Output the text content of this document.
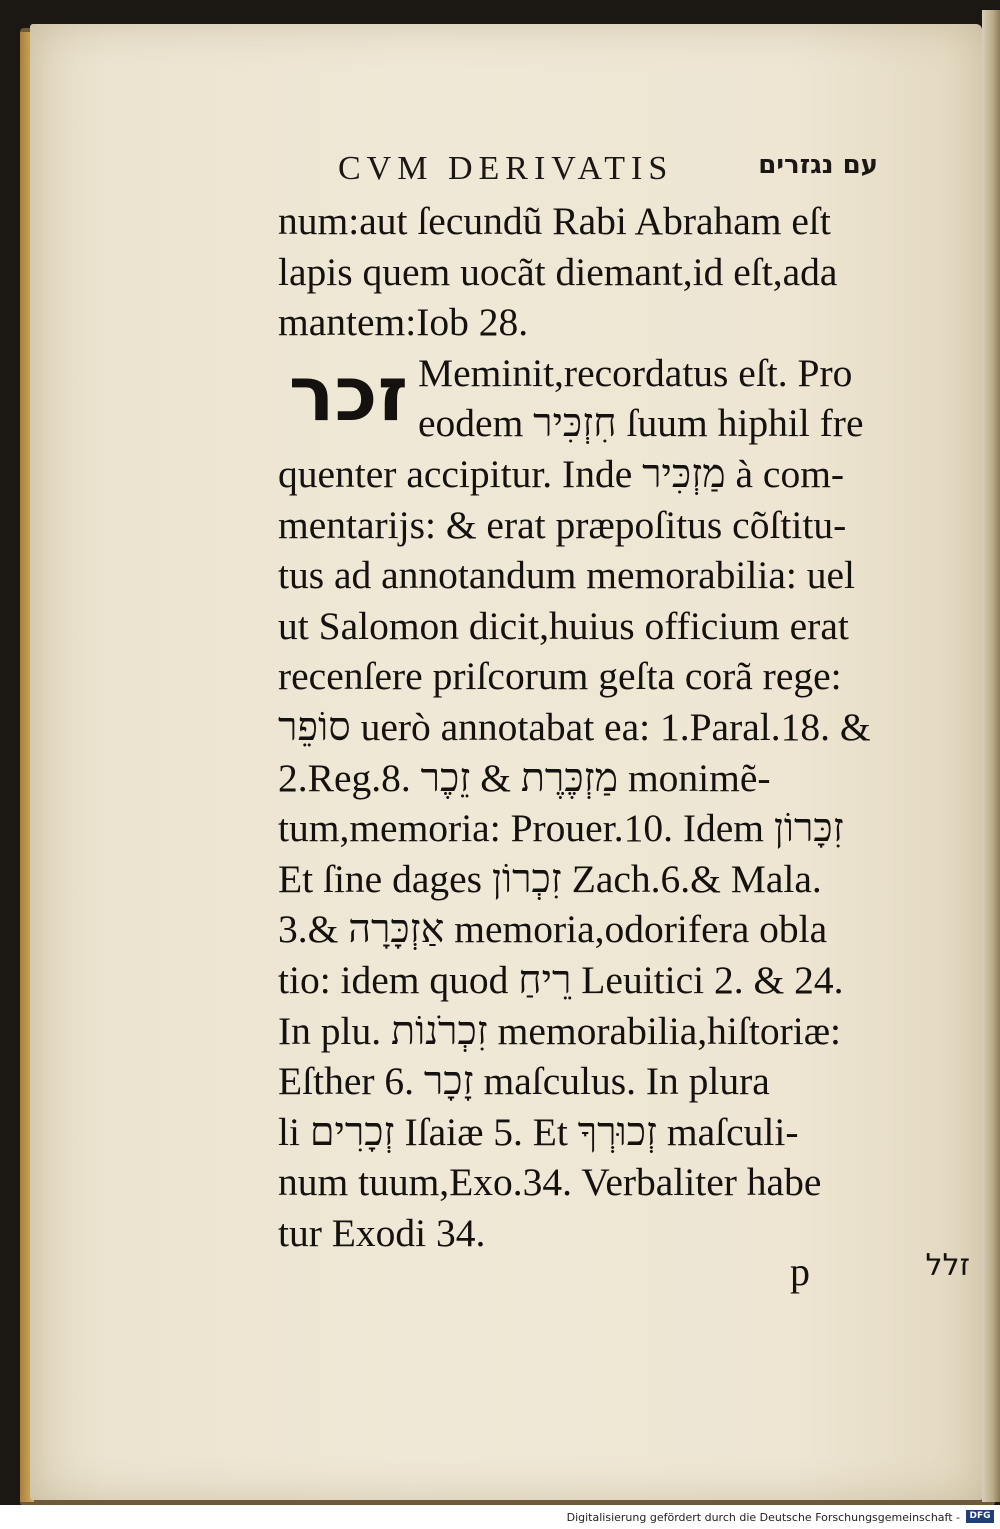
CVM DERIVATIS	עם נגזרים
זכר
num:aut ſecundũ Rabi Abraham eſt
lapis quem uocãt diemant,id eſt,ada
mantem:Iob 28.
Meminit,recordatus eſt. Pro
eodem חִזְכִּיר ſuum hiphil fre
quenter accipitur. Inde מַזְכִּיר à com-
mentarijs: & erat præpoſitus cõſtitu-
tus ad annotandum memorabilia: uel
ut Salomon dicit,huius officium erat
recenſere priſcorum geſta corã rege:
סוֹפֵר uerò annotabat ea: 1.Paral.18. &
2.Reg.8. מַזְכֶּרֶת & זֵכֶר monimẽ-
tum,memoria: Prouer.10. Idem זִכָּרוֹן
Et ſine dages זִכְרוֹן Zach.6.& Mala.
3.& אַזְכָּרָה memoria,odorifera obla
tio: idem quod רֵיחַ Leuitici 2. & 24.
In plu. זִכְרֹנוֹת memorabilia,hiſtoriæ:
Eſther 6. זָכָר maſculus. In plura
li זְכָרִים Iſaiæ 5. Et זְכוּרְךָ maſculi-
num tuum,Exo.34. Verbaliter habe
tur Exodi 34.
p	זלל
Digitalisierung gefördert durch die Deutsche Forschungsgemeinschaft -	DFG
